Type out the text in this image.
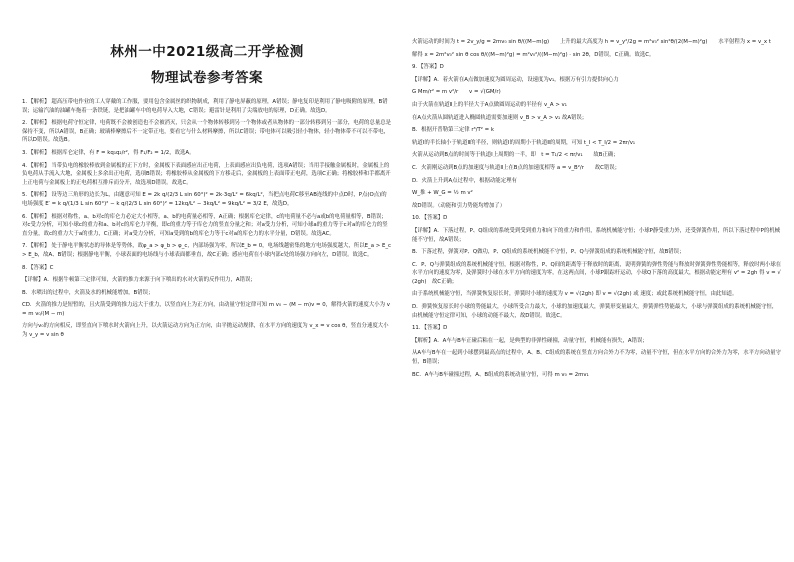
林州一中2021级高二开学检测
物理试卷参考答案

1．【解析】 超高压带电作业的工人穿戴的工作服，要用包含金属丝的织物制成，利用了静电屏蔽的原理，A错误；静电复印是利用了静电吸附的原理，B错误；运输汽油的油罐车拖着一条铁链，是把油罐车中的电荷导入大地，C错误；避雷针是利用了尖端放电的原理，D正确。故选D。

2．【解析】 根据电荷守恒定律，电荷既不会被创造也不会被消灭，只会从一个物体转移到另一个物体或者从物体的一部分转移到另一部分，电荷的总量总是保持不变，所以A错误，B正确；玻璃棒摩擦后不一定带正电，要看它与什么材料摩擦，所以C错误；带电体可以吸引轻小物体，轻小物体带不可以不带电，所以D错误。故选B。

3．【解析】 根据库仑定律，有 F = kq₁q₂/r²，得 F₁/F₂ = 1/2，故选A。

4．【解析】 当带负电的橡胶棒放到金属板的正下方时，金属板下表面感应出正电荷，上表面感应出负电荷，选项A错误；当用手接触金属板时，金属板上的负电荷从手流入大地，金属板上多余出正电荷，选项B错误；将橡胶棒从金属板的下方移走后，金属板的上表面带正电荷，选项C正确；将橡胶棒和手都离开上正电荷与金属板上的正电荷相互排斥而分开，故选项D错误。故选C。

5．【解析】 设等边三角形的边长为L，由题意可知 E = 2k q/(2/3 L sin 60°)² = 2k·3q/L² = 6kq/L²，当把点电荷C移至AB连线的中点D时，P点(O点)的电场强度 E′ = k q/(1/3 L sin 60°)² − k q/(2/3 L sin 60°)² = 12kq/L² − 3kq/L² = 9kq/L² = 3/2 E，故选D。

6．【解析】 根据对称性，a、b对c的库仑力必定大小相等，a、b的电荷量必相等，A正确；根据库仑定律，c的电荷量不必与a或b的电荷量相等，B错误；对c受力分析，可知小球c的重力和a、b对c的库仑力平衡，即c的重力等于库仑力的竖直分量之和；对a受力分析，可知小球a的重力等于c对a的库仑力的竖直分量，故c的重力大于a的重力，C正确；对a受力分析，可知a受到的b的库仑力等于c对a的库仑力的水平分量，D错误。故选AC。

7．【解析】 处于静电平衡状态的导体是等势体，故φ_a > φ_b > φ_c，内部场强为零，所以E_b = 0，电场线越密集的地方电场强度越大，所以E_a > E_c > E_b，故A、B错误；根据静电平衡，小球表面的电场线与小球表面都垂直，故C正确；感应电荷在小球内部c处的场强方向向左，D错误。故选C。

8．【答案】C

【详解】A．根据牛顿第三定律可知，火箭的推力来源于向下喷出的水对火箭的反作用力，A错误；

B．水喷出的过程中，火箭及水的机械能增加，B错误；

CD．火箭的推力是短暂的，且火箭受到的推力远大于重力，以竖直向上为正方向，由动量守恒定律可知 m v₀ − (M − m)v = 0，解得火箭的速度大小为 v = m v₀/(M − m)

方向与v₀的方向相反，即竖直向下喷水时火箭向上升，以火箭运动方向为正方向，由平抛运动规律，在水平方向的速度为 v_x = v cos θ，竖直分速度大小为 v_y = v sin θ

火箭运动的时间为 t = 2v_y/g = 2mv₀ sin θ/((M−m)g)　　上升的最大高度为 h = v_y²/2g = m²v₀² sin²θ/(2(M−m)²g)　　水平射程为 x = v_x t

解得 x = 2m²v₀² sin θ cos θ/((M−m)²g) = m²v₀²/((M−m)²g) · sin 2θ，D错误，C正确。故选C。

9．【答案】D

【详解】A．着火箭在A点做加速度为圆周运动，设速度为v₁，根据万有引力提供向心力

G Mm/r² = m v²/r　　v = √(GM/r)

由于火箭在轨道Ⅱ上的半径大于A点做圆周运动的半径有 v_A > v₁

在A点火箭从圆轨道进入椭圆轨道需要加速则 v_B > v_A > v₁ 故A错误；

B．根据开普勒第三定律 r³/T² = k

轨道Ⅰ的半长轴小于轨道Ⅱ的半径，则轨道Ⅰ的周期小于轨道Ⅱ的周期，可知 t_Ⅰ < T_Ⅰ/2 = 2πr/v₁

火箭从运动到B点的时间等于轨道Ⅰ上周期的一半，即　t = T₁/2 < πr/v₁　　故B正确；

C．火箭刚运动到B点的加速度与轨道Ⅱ上在B点的加速度相等 a = v_B²/r　　故C错误；

D．火箭上升到A点过程中，根据动能定理有

W_推 + W_G = ½ m v²

故D错误。（动能和引力势能均增加了）

10．【答案】D

【详解】A．下落过程，P、Q组成的系统受到受到重力和向下的重力和作用，系统机械能守恒；小球P静受重力外，还受弹簧作用，所以下落过程中P的机械能不守恒，故A错误；

B．下落过程，弹簧对P、Q做功，P、Q组成的系统机械能不守恒，P、Q与弹簧组成的系统机械能守恒，故B错误；

C．P、Q与弹簧组成的系统机械能守恒，根据对称性，P、Q间的距离等于释放时的距离，说明弹簧的弹性势能与释放时弹簧弹性势能相等，释放时两小球在水平方向的速度为零，及弹簧时小球在水平方向的速度为零，在这两点间，小球P跟踪杆运动，小球Q下落的高度最大，根据动能定理有 v² = 2gh 得 v = √(2gh)　故C正确；

由于系统机械能守恒，当弹簧恢复原长时，弹簧时小球的速度为 v = √(2gh) 即 v = √(2gh) 或 速度；或此系统机械能守恒，由此知道。

D．弹簧恢复原长时小球的势能最大，小球所受合力最大，小球的加速度最大，弹簧形变量最大，弹簧弹性势能最大，小球与弹簧组成的系统机械能守恒，由机械能守恒定律可知，小球的动能不最大，故D错误。故选C。

11．【答案】D

【解析】A．A车与B车正碰后粘在一起，是典型的非弹性碰撞，动量守恒，机械能有损失，A错误；

从A车与B车在一起到小球摆到最高点的过程中，A、B、C组成的系统在竖直方向合外力不为零，动量不守恒，但在水平方向的合外力为零，水平方向动量守恒，B错误；

BC．A车与B车碰撞过程，A、B组成的系统动量守恒，可得 m v₀ = 2mv₁
